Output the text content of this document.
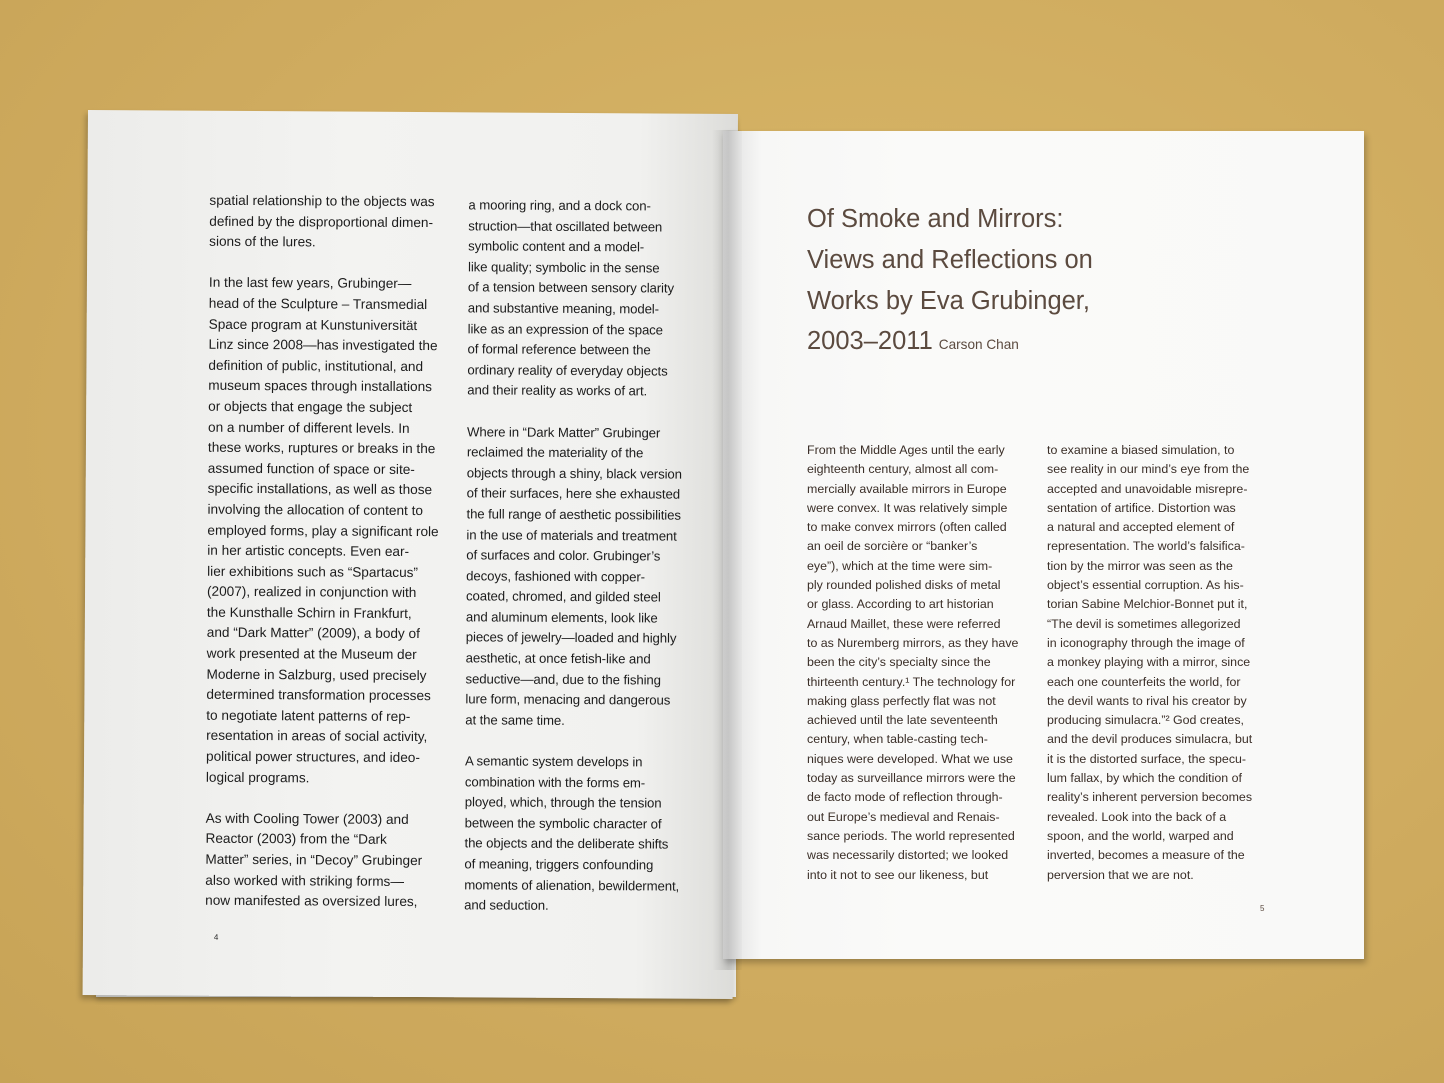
spatial relationship to the objects was
defined by the disproportional dimen-
sions of the lures.
In the last few years, Grubinger—
head of the Sculpture – Transmedial
Space program at Kunstuniversität
Linz since 2008—has investigated the
definition of public, institutional, and
museum spaces through installations
or objects that engage the subject
on a number of different levels. In
these works, ruptures or breaks in the
assumed function of space or site-
specific installations, as well as those
involving the allocation of content to
employed forms, play a significant role
in her artistic concepts. Even ear-
lier exhibitions such as “Spartacus”
(2007), realized in conjunction with
the Kunsthalle Schirn in Frankfurt,
and “Dark Matter” (2009), a body of
work presented at the Museum der
Moderne in Salzburg, used precisely
determined transformation processes
to negotiate latent patterns of rep-
resentation in areas of social activity,
political power structures, and ideo-
logical programs.
As with Cooling Tower (2003) and
Reactor (2003) from the “Dark
Matter” series, in “Decoy” Grubinger
also worked with striking forms—
now manifested as oversized lures,
a mooring ring, and a dock con-
struction—that oscillated between
symbolic content and a model-
like quality; symbolic in the sense
of a tension between sensory clarity
and substantive meaning, model-
like as an expression of the space
of formal reference between the
ordinary reality of everyday objects
and their reality as works of art.
Where in “Dark Matter” Grubinger
reclaimed the materiality of the
objects through a shiny, black version
of their surfaces, here she exhausted
the full range of aesthetic possibilities
in the use of materials and treatment
of surfaces and color. Grubinger’s
decoys, fashioned with copper-
coated, chromed, and gilded steel
and aluminum elements, look like
pieces of jewelry—loaded and highly
aesthetic, at once fetish-like and
seductive—and, due to the fishing
lure form, menacing and dangerous
at the same time.
A semantic system develops in
combination with the forms em-
ployed, which, through the tension
between the symbolic character of
the objects and the deliberate shifts
of meaning, triggers confounding
moments of alienation, bewilderment,
and seduction.
4
Of Smoke and Mirrors:
Views and Reflections on
Works by Eva Grubinger,
2003–2011 Carson Chan
From the Middle Ages until the early
eighteenth century, almost all com-
mercially available mirrors in Europe
were convex. It was relatively simple
to make convex mirrors (often called
an oeil de sorcière or “banker’s
eye”), which at the time were sim-
ply rounded polished disks of metal
or glass. According to art historian
Arnaud Maillet, these were referred
to as Nuremberg mirrors, as they have
been the city’s specialty since the
thirteenth century.¹ The technology for
making glass perfectly flat was not
achieved until the late seventeenth
century, when table-casting tech-
niques were developed. What we use
today as surveillance mirrors were the
de facto mode of reflection through-
out Europe’s medieval and Renais-
sance periods. The world represented
was necessarily distorted; we looked
into it not to see our likeness, but
to examine a biased simulation, to
see reality in our mind’s eye from the
accepted and unavoidable misrepre-
sentation of artifice. Distortion was
a natural and accepted element of
representation. The world’s falsifica-
tion by the mirror was seen as the
object’s essential corruption. As his-
torian Sabine Melchior-Bonnet put it,
“The devil is sometimes allegorized
in iconography through the image of
a monkey playing with a mirror, since
each one counterfeits the world, for
the devil wants to rival his creator by
producing simulacra.”² God creates,
and the devil produces simulacra, but
it is the distorted surface, the specu-
lum fallax, by which the condition of
reality’s inherent perversion becomes
revealed. Look into the back of a
spoon, and the world, warped and
inverted, becomes a measure of the
perversion that we are not.
5
